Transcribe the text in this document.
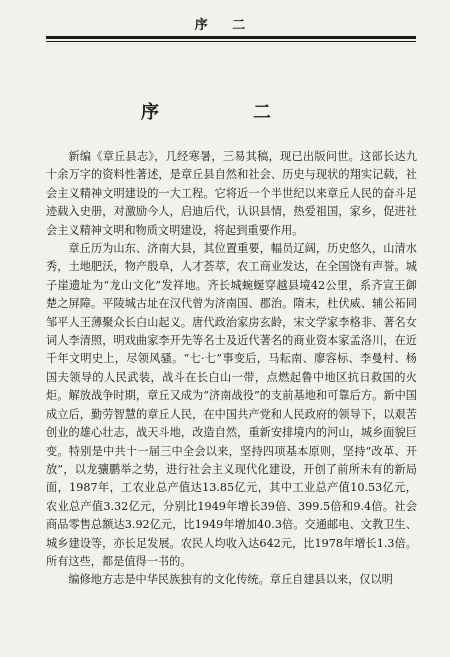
序 二
序　二

新编《章丘县志》，几经寒暑，三易其稿，现已出版问世。这部长达九十余万字的资料性著述，是章丘县自然和社会、历史与现状的翔实记载，社会主义精神文明建设的一大工程。它将近一个半世纪以来章丘人民的奋斗足迹载入史册，对激励今人，启迪后代，认识县情，热爱祖国，家乡，促进社会主义精神文明和物质文明建设，将起到重要作用。

章丘历为山东、济南大县，其位置重要，幅员辽阔，历史悠久，山清水秀，土地肥沃，物产殷阜，人才荟萃，农工商业发达，在全国饶有声誉。城子崖遗址为“龙山文化”发祥地。齐长城蜿蜒穿越县境42公里，系齐宣王御楚之屏障。平陵城古址在汉代曾为济南国、郡治。隋末，杜伏威、辅公祏同邹平人王薄聚众长白山起义。唐代政治家房玄龄，宋文学家李格非、著名女词人李清照，明戏曲家李开先等名士及近代著名的商业资本家孟洛川，在近千年文明史上，尽领风骚。“七·七”事变后，马耘南、廖容标、李曼村、杨国夫领导的人民武装，战斗在长白山一带，点燃起鲁中地区抗日救国的火炬。解放战争时期，章丘又成为“济南战役”的支前基地和可靠后方。新中国成立后，勤劳智慧的章丘人民，在中国共产党和人民政府的领导下，以艰苦创业的雄心壮志，战天斗地，改造自然，重新安排境内的河山，城乡面貌巨变。特别是中共十一届三中全会以来，坚持四项基本原则，坚持“改革、开放”，以龙骧鹏举之势，进行社会主义现代化建设，开创了前所未有的新局面，1987年，工农业总产值达13.85亿元，其中工业总产值10.53亿元，农业总产值3.32亿元，分别比1949年增长39倍、399.5倍和9.4倍。社会商品零售总额达3.92亿元，比1949年增加40.3倍。交通邮电、文教卫生、城乡建设等，亦长足发展。农民人均收入达642元，比1978年增长1.3倍。所有这些，都是值得一书的。

编修地方志是中华民族独有的文化传统。章丘自建县以来，仅以明
